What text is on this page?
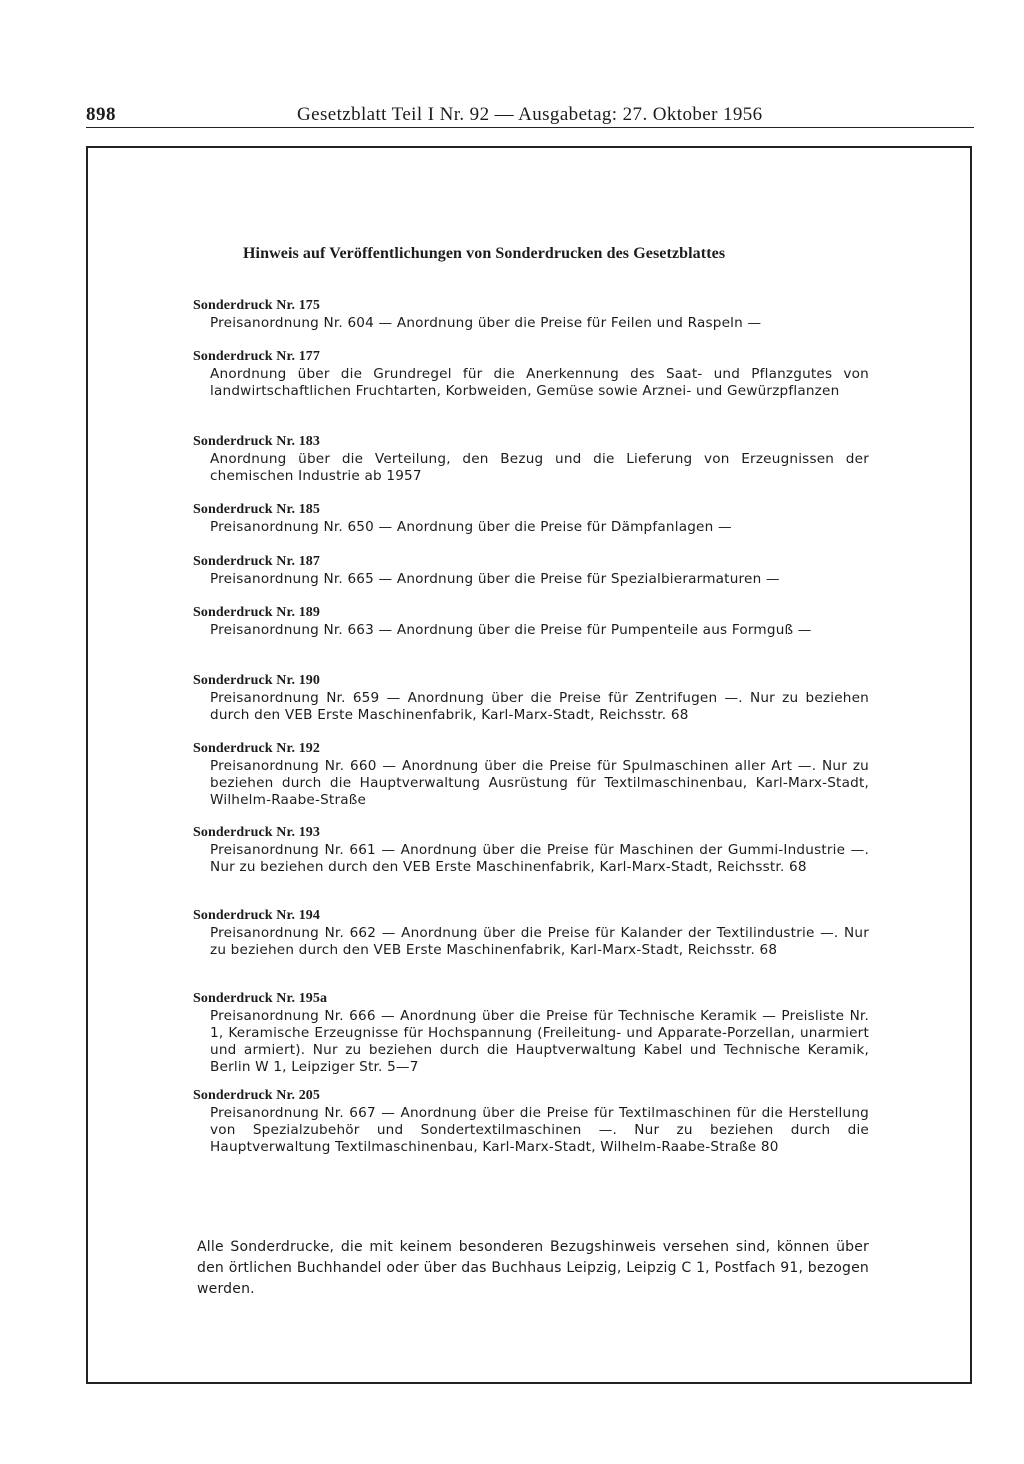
898	Gesetzblatt Teil I Nr. 92 — Ausgabetag: 27. Oktober 1956
Hinweis auf Veröffentlichungen von Sonderdrucken des Gesetzblattes
Sonderdruck Nr. 175
Preisanordnung Nr. 604 — Anordnung über die Preise für Feilen und Raspeln —
Sonderdruck Nr. 177
Anordnung über die Grundregel für die Anerkennung des Saat- und Pflanzgutes von landwirtschaftlichen Fruchtarten, Korbweiden, Gemüse sowie Arznei- und Gewürzpflanzen
Sonderdruck Nr. 183
Anordnung über die Verteilung, den Bezug und die Lieferung von Erzeugnissen der chemischen Industrie ab 1957
Sonderdruck Nr. 185
Preisanordnung Nr. 650 — Anordnung über die Preise für Dämpfanlagen —
Sonderdruck Nr. 187
Preisanordnung Nr. 665 — Anordnung über die Preise für Spezialbierarmaturen —
Sonderdruck Nr. 189
Preisanordnung Nr. 663 — Anordnung über die Preise für Pumpenteile aus Formguß —
Sonderdruck Nr. 190
Preisanordnung Nr. 659 — Anordnung über die Preise für Zentrifugen —. Nur zu beziehen durch den VEB Erste Maschinenfabrik, Karl-Marx-Stadt, Reichsstr. 68
Sonderdruck Nr. 192
Preisanordnung Nr. 660 — Anordnung über die Preise für Spulmaschinen aller Art —. Nur zu beziehen durch die Hauptverwaltung Ausrüstung für Textilmaschinenbau, Karl-Marx-Stadt, Wilhelm-Raabe-Straße
Sonderdruck Nr. 193
Preisanordnung Nr. 661 — Anordnung über die Preise für Maschinen der Gummi-Industrie —. Nur zu beziehen durch den VEB Erste Maschinenfabrik, Karl-Marx-Stadt, Reichsstr. 68
Sonderdruck Nr. 194
Preisanordnung Nr. 662 — Anordnung über die Preise für Kalander der Textilindustrie —. Nur zu beziehen durch den VEB Erste Maschinenfabrik, Karl-Marx-Stadt, Reichsstr. 68
Sonderdruck Nr. 195a
Preisanordnung Nr. 666 — Anordnung über die Preise für Technische Keramik — Preisliste Nr. 1, Keramische Erzeugnisse für Hochspannung (Freileitung- und Apparate-Porzellan, unarmiert und armiert). Nur zu beziehen durch die Hauptverwaltung Kabel und Technische Keramik, Berlin W 1, Leipziger Str. 5—7
Sonderdruck Nr. 205
Preisanordnung Nr. 667 — Anordnung über die Preise für Textilmaschinen für die Herstellung von Spezialzubehör und Sondertextilmaschinen —. Nur zu beziehen durch die Hauptverwaltung Textilmaschinenbau, Karl-Marx-Stadt, Wilhelm-Raabe-Straße 80
Alle Sonderdrucke, die mit keinem besonderen Bezugshinweis versehen sind, können über den örtlichen Buchhandel oder über das Buchhaus Leipzig, Leipzig C 1, Postfach 91, bezogen werden.
